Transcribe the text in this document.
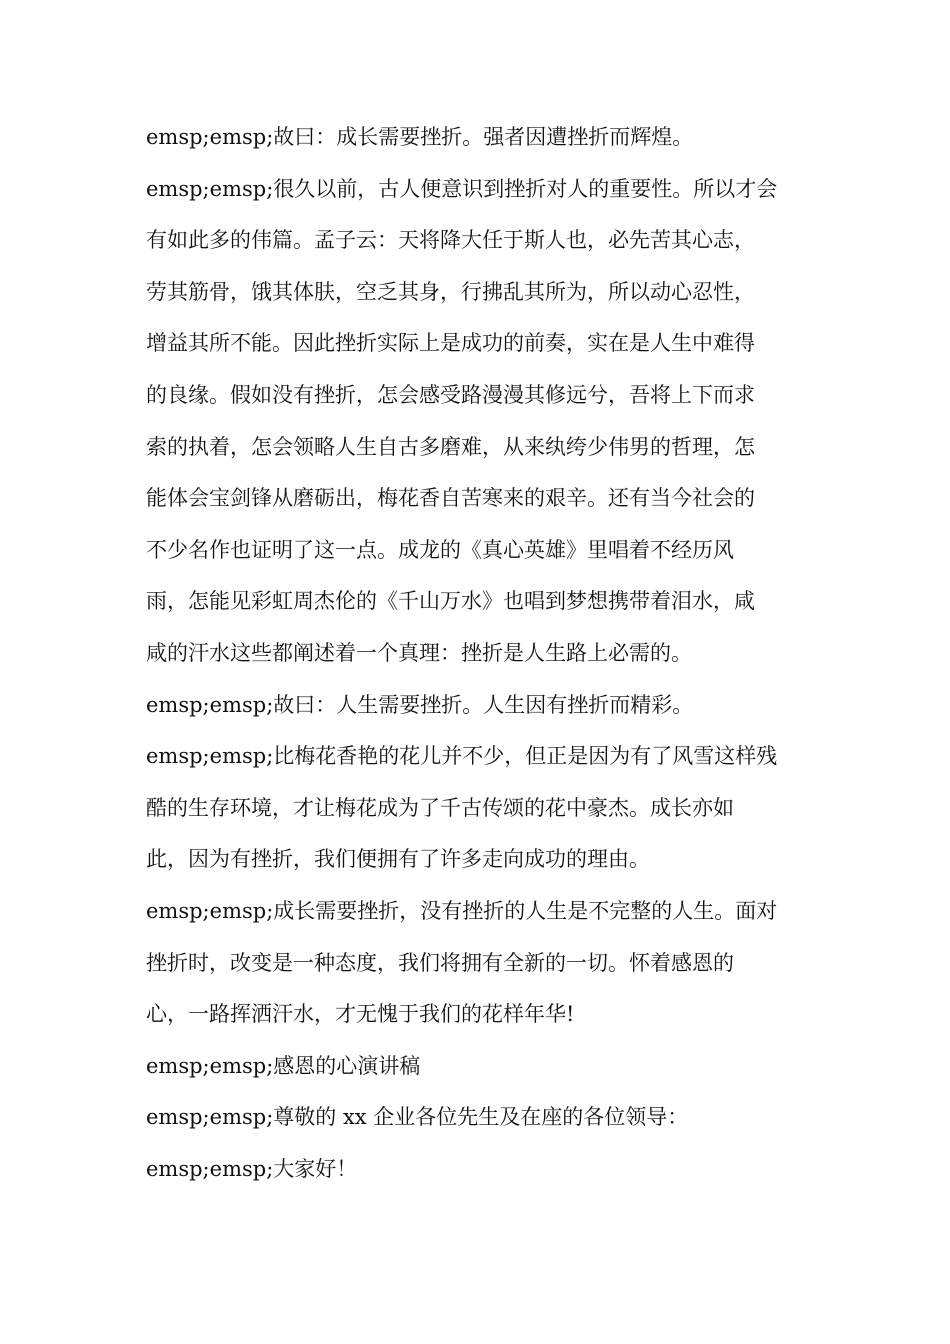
emsp;emsp;故曰：成长需要挫折。强者因遭挫折而辉煌。
emsp;emsp;很久以前，古人便意识到挫折对人的重要性。所以才会
有如此多的伟篇。孟子云：天将降大任于斯人也，必先苦其心志，
劳其筋骨，饿其体肤，空乏其身，行拂乱其所为，所以动心忍性，
增益其所不能。因此挫折实际上是成功的前奏，实在是人生中难得
的良缘。假如没有挫折，怎会感受路漫漫其修远兮，吾将上下而求
索的执着，怎会领略人生自古多磨难，从来纨绔少伟男的哲理，怎
能体会宝剑锋从磨砺出，梅花香自苦寒来的艰辛。还有当今社会的
不少名作也证明了这一点。成龙的《真心英雄》里唱着不经历风
雨，怎能见彩虹周杰伦的《千山万水》也唱到梦想携带着泪水，咸
咸的汗水这些都阐述着一个真理：挫折是人生路上必需的。
emsp;emsp;故曰：人生需要挫折。人生因有挫折而精彩。
emsp;emsp;比梅花香艳的花儿并不少，但正是因为有了风雪这样残
酷的生存环境，才让梅花成为了千古传颂的花中豪杰。成长亦如
此，因为有挫折，我们便拥有了许多走向成功的理由。
emsp;emsp;成长需要挫折，没有挫折的人生是不完整的人生。面对
挫折时，改变是一种态度，我们将拥有全新的一切。怀着感恩的
心，一路挥洒汗水，才无愧于我们的花样年华!
emsp;emsp;感恩的心演讲稿
emsp;emsp;尊敬的 xx 企业各位先生及在座的各位领导：
emsp;emsp;大家好！
